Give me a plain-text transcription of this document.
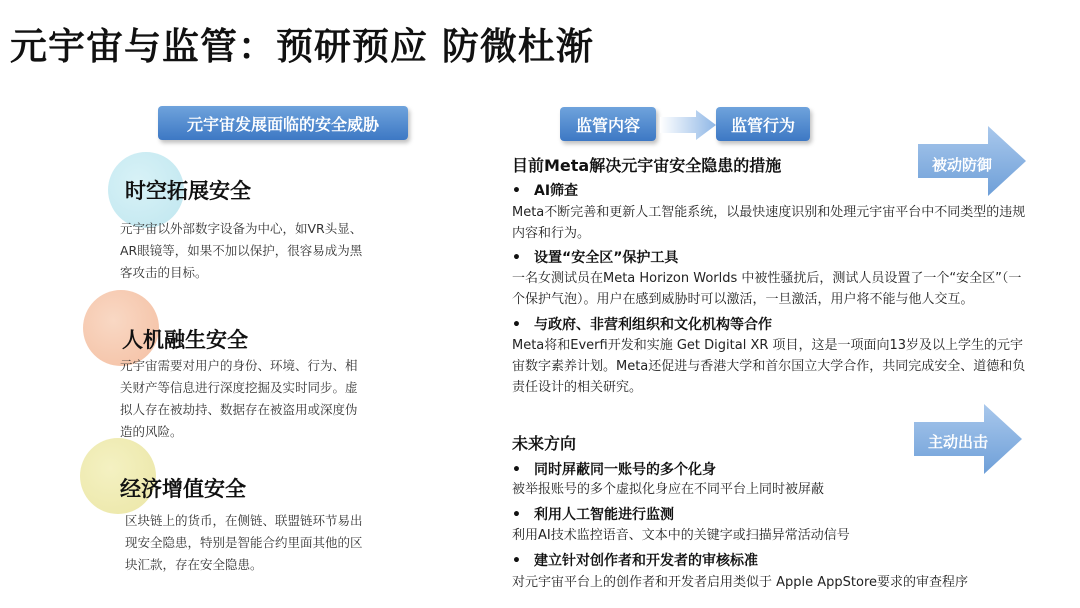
元宇宙与监管：预研预应 防微杜渐
元宇宙发展面临的安全威胁
时空拓展安全
元宇宙以外部数字设备为中心，如VR头显、AR眼镜等，如果不加以保护，很容易成为黑客攻击的目标。
人机融生安全
元宇宙需要对用户的身份、环境、行为、相关财产等信息进行深度挖掘及实时同步。虚拟人存在被劫持、数据存在被盗用或深度伪造的风险。
经济增值安全
区块链上的货币，在侧链、联盟链环节易出现安全隐患，特别是智能合约里面其他的区块汇款，存在安全隐患。
监管内容	监管行为
被动防御
目前Meta解决元宇宙安全隐患的措施
• AI筛查
Meta不断完善和更新人工智能系统，以最快速度识别和处理元宇宙平台中不同类型的违规内容和行为。
• 设置“安全区”保护工具
一名女测试员在Meta Horizon Worlds 中被性骚扰后，测试人员设置了一个“安全区”（一个保护气泡）。用户在感到威胁时可以激活，一旦激活，用户将不能与他人交互。
• 与政府、非营利组织和文化机构等合作
Meta将和Everfi开发和实施 Get Digital XR 项目，这是一项面向13岁及以上学生的元宇宙数字素养计划。Meta还促进与香港大学和首尔国立大学合作，共同完成安全、道德和负责任设计的相关研究。
主动出击
未来方向
• 同时屏蔽同一账号的多个化身
被举报账号的多个虚拟化身应在不同平台上同时被屏蔽
• 利用人工智能进行监测
利用AI技术监控语音、文本中的关键字或扫描异常活动信号
• 建立针对创作者和开发者的审核标准
对元宇宙平台上的创作者和开发者启用类似于 Apple AppStore要求的审查程序
